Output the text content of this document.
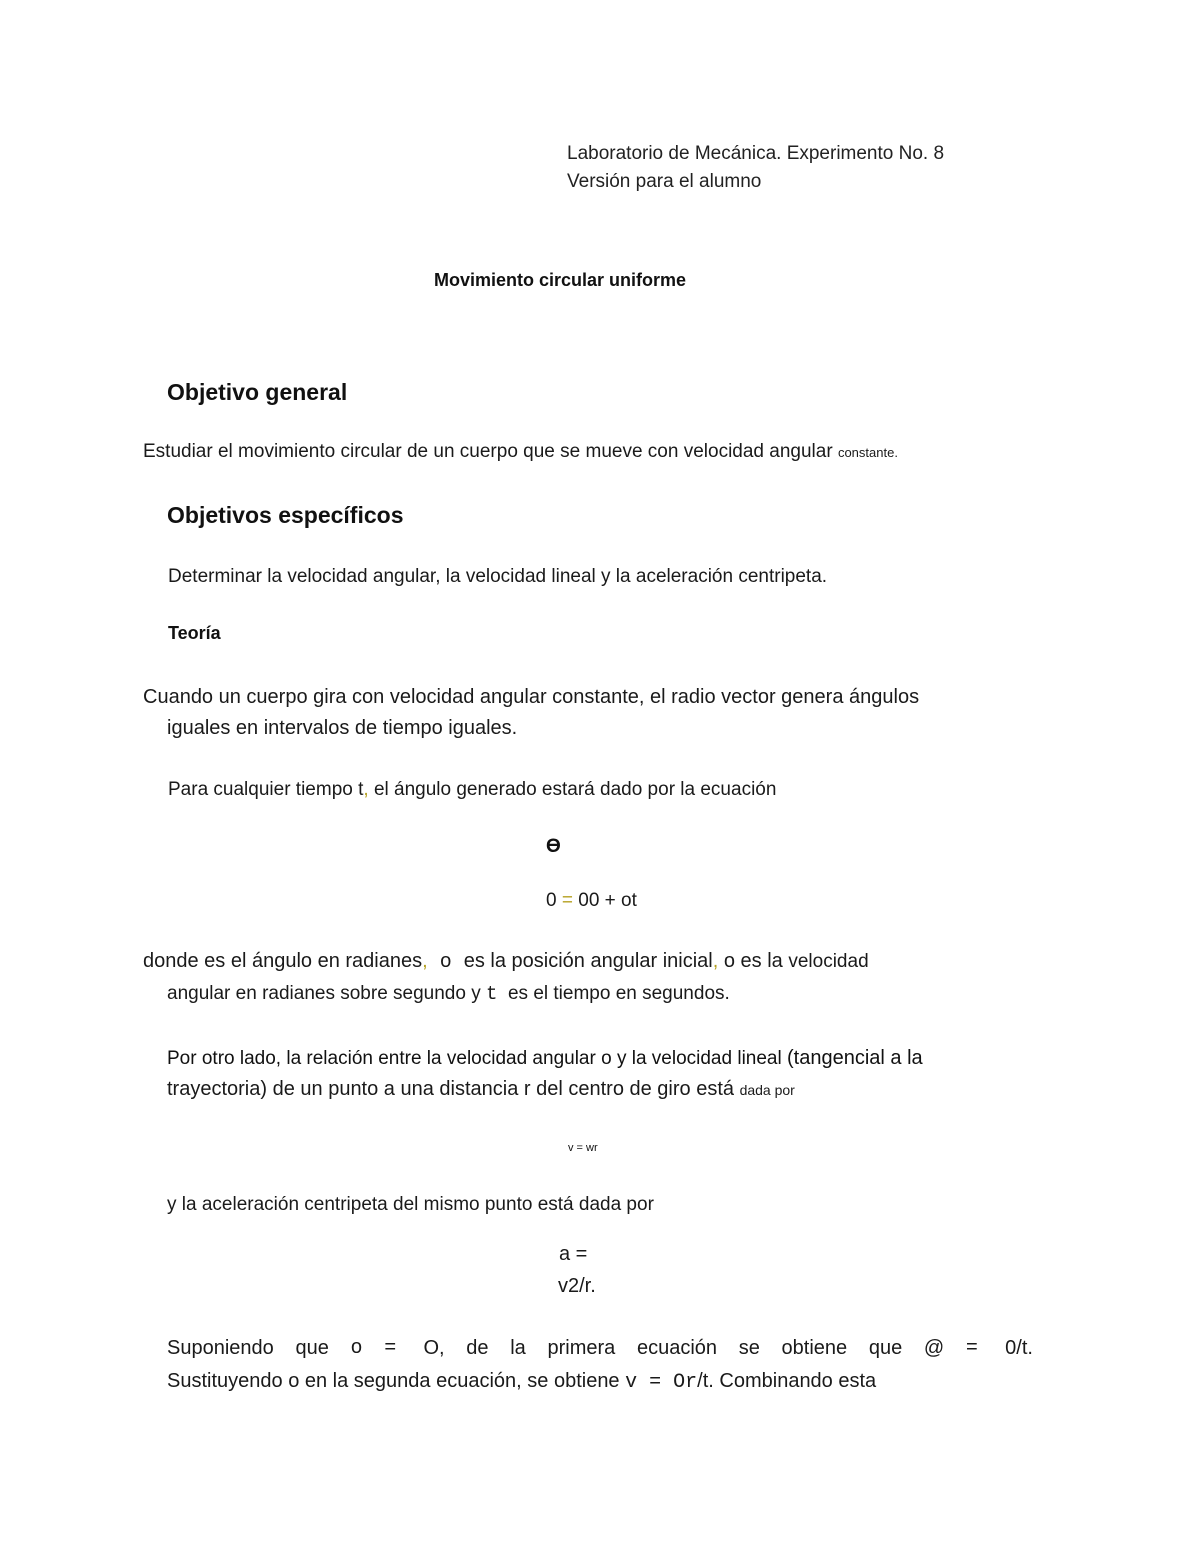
Laboratorio de Mecánica. Experimento No. 8
Versión para el alumno
Movimiento circular uniforme
Objetivo general
Estudiar el movimiento circular de un cuerpo que se mueve con velocidad angular constante.
Objetivos específicos
Determinar la velocidad angular, la velocidad lineal y la aceleración centripeta.
Teoría
Cuando un cuerpo gira con velocidad angular constante, el radio vector genera ángulos
iguales en intervalos de tiempo iguales.
Para cualquier tiempo t, el ángulo generado estará dado por la ecuación
Ɵ
0 = 00 + ot
donde es el ángulo en radianes, o es la posición angular inicial, o es la velocidad
angular en radianes sobre segundo y t  es el tiempo en segundos.
Por otro lado, la relación entre la velocidad angular o y la velocidad lineal (tangencial a la
trayectoria) de un punto a una distancia r del centro de giro está dada por
v = wr
y la aceleración centripeta del mismo punto está dada por
a =
v2/r.
Suponiendo que o = O, de la primera ecuación se obtiene que @ = 0/t.
Sustituyendo o en la segunda ecuación, se obtiene v = Or/t. Combinando esta
